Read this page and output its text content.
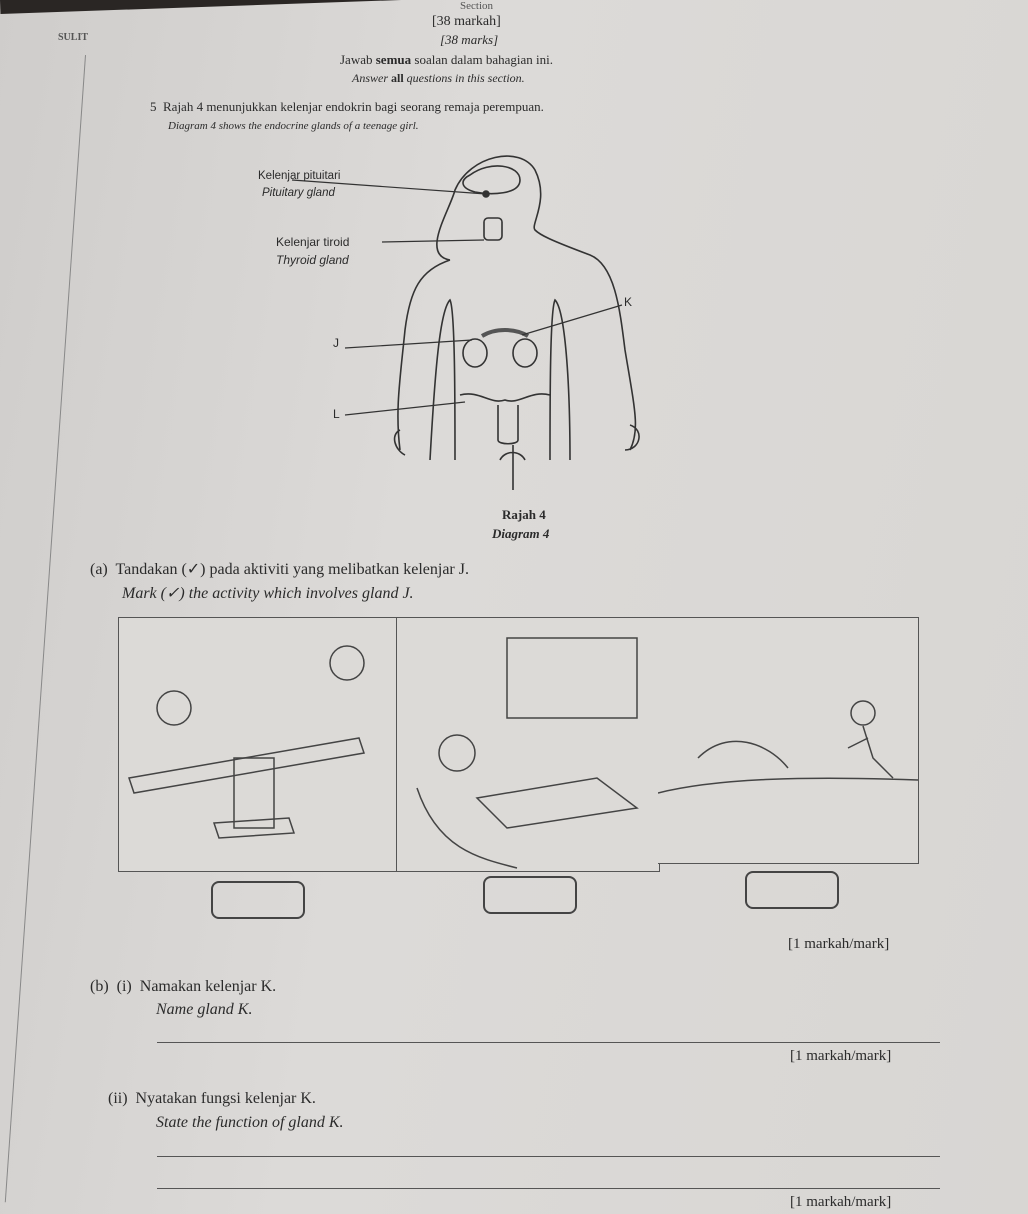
SULIT
Section
[38 markah]
[38 marks]
Jawab semua soalan dalam bahagian ini.
Answer all questions in this section.
5 Rajah 4 menunjukkan kelenjar endokrin bagi seorang remaja perempuan.
Diagram 4 shows the endocrine glands of a teenage girl.
Kelenjar pituitari
Pituitary gland
Kelenjar tiroid
Thyroid gland
K
J
L
Rajah 4
Diagram 4
(a) Tandakan (✓) pada aktiviti yang melibatkan kelenjar J.
Mark (✓) the activity which involves gland J.
[1 markah/mark]
(b) (i) Namakan kelenjar K.
Name gland K.
[1 markah/mark]
(ii) Nyatakan fungsi kelenjar K.
State the function of gland K.
[1 markah/mark]
